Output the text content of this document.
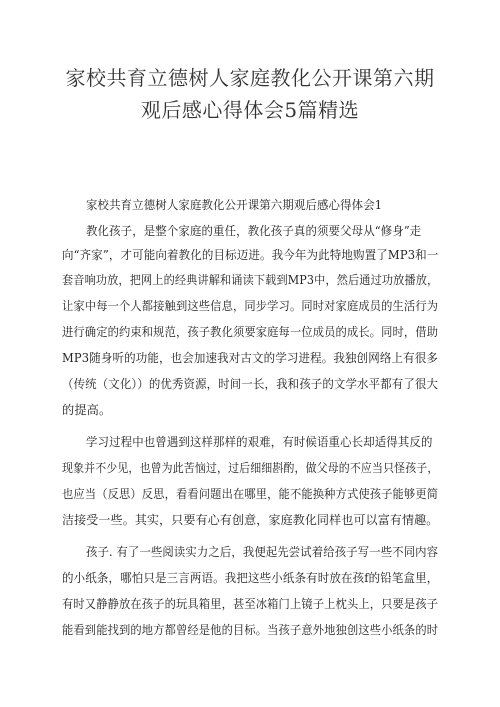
家校共育立德树人家庭教化公开课第六期
观后感心得体会5篇精选
家校共育立德树人家庭教化公开课第六期观后感心得体会1
教化孩子，是整个家庭的重任，教化孩子真的须要父母从“修身”走
向“齐家”，才可能向着教化的目标迈进。我今年为此特地购置了MP3和一
套音响功放，把网上的经典讲解和诵读下载到MP3中，然后通过功放播放，
让家中每一个人都接触到这些信息，同步学习。同时对家庭成员的生活行为
进行确定的约束和规范，孩子教化须要家庭每一位成员的成长。同时，借助
MP3随身听的功能，也会加速我对古文的学习进程。我独创网络上有很多
（传统（文化））的优秀资源，时间一长，我和孩子的文学水平都有了很大
的提高。
学习过程中也曾遇到这样那样的艰难，有时候语重心长却适得其反的
现象并不少见，也曾为此苦恼过，过后细细斟酌，做父母的不应当只怪孩子，
也应当（反思）反思，看看问题出在哪里，能不能换种方式使孩子能够更简
洁接受一些。其实，只要有心有创意，家庭教化同样也可以富有情趣。
孩子. 有了一些阅读实力之后，我便起先尝试着给孩子写一些不同内容
的小纸条，哪怕只是三言两语。我把这些小纸条有时放在孩f的铅笔盒里，
有时又静静放在孩子的玩具箱里，甚至冰箱门上镜子上枕头上，只要是孩子
能看到能找到的地方都曾经是他的目标。当孩子意外地独创这些小纸条的时
